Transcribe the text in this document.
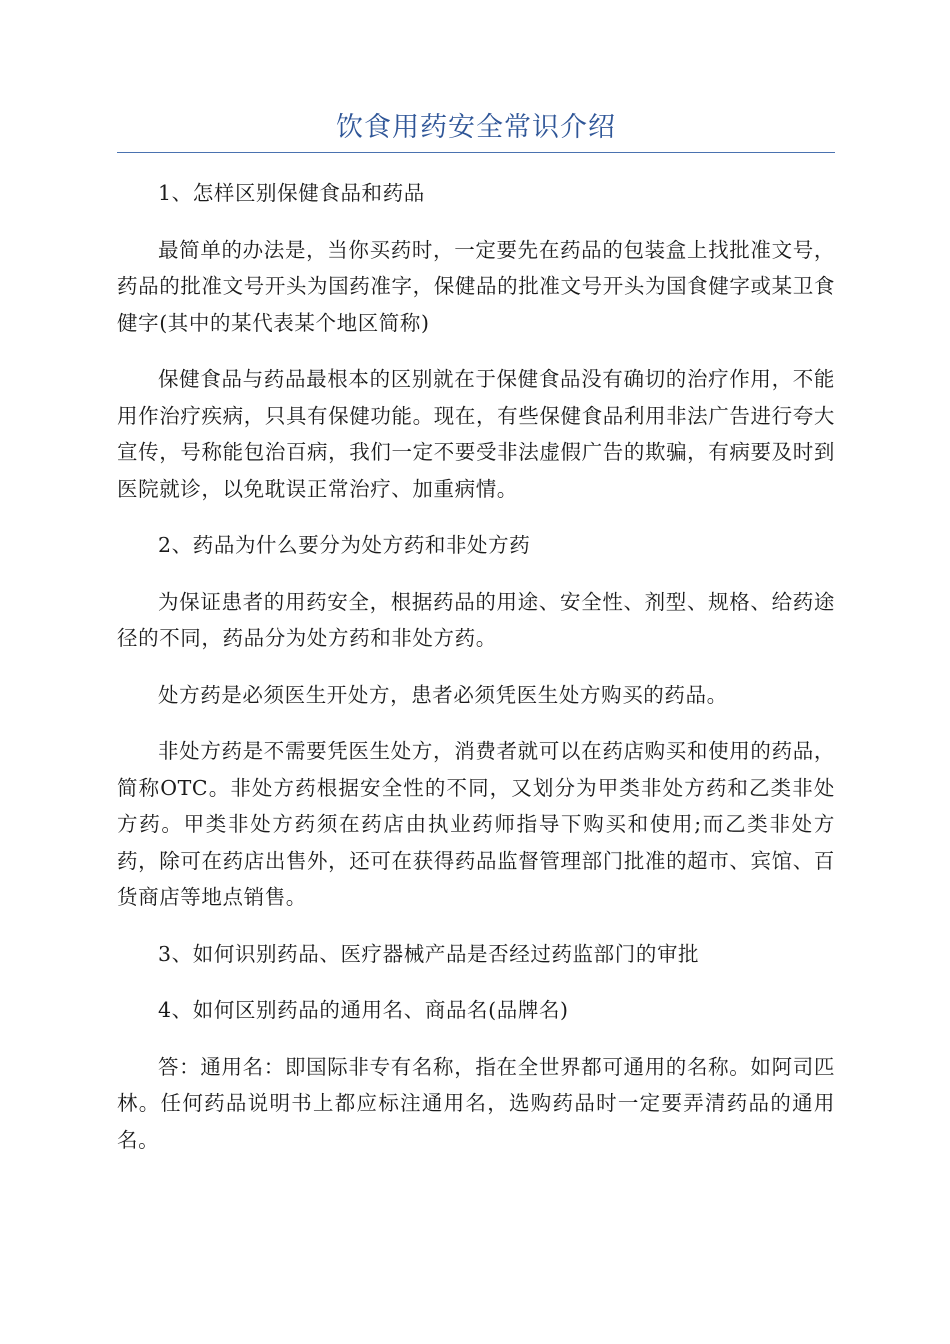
饮食用药安全常识介绍

1、怎样区别保健食品和药品

最简单的办法是，当你买药时，一定要先在药品的包装盒上找批准文号，药品的批准文号开头为国药准字，保健品的批准文号开头为国食健字或某卫食健字(其中的某代表某个地区简称)

保健食品与药品最根本的区别就在于保健食品没有确切的治疗作用，不能用作治疗疾病，只具有保健功能。现在，有些保健食品利用非法广告进行夸大宣传，号称能包治百病，我们一定不要受非法虚假广告的欺骗，有病要及时到医院就诊，以免耽误正常治疗、加重病情。

2、药品为什么要分为处方药和非处方药

为保证患者的用药安全，根据药品的用途、安全性、剂型、规格、给药途径的不同，药品分为处方药和非处方药。

处方药是必须医生开处方，患者必须凭医生处方购买的药品。

非处方药是不需要凭医生处方，消费者就可以在药店购买和使用的药品，简称OTC。非处方药根据安全性的不同，又划分为甲类非处方药和乙类非处方药。甲类非处方药须在药店由执业药师指导下购买和使用;而乙类非处方药，除可在药店出售外，还可在获得药品监督管理部门批准的超市、宾馆、百货商店等地点销售。

3、如何识别药品、医疗器械产品是否经过药监部门的审批

4、如何区别药品的通用名、商品名(品牌名)

答：通用名：即国际非专有名称，指在全世界都可通用的名称。如阿司匹林。任何药品说明书上都应标注通用名，选购药品时一定要弄清药品的通用名。
